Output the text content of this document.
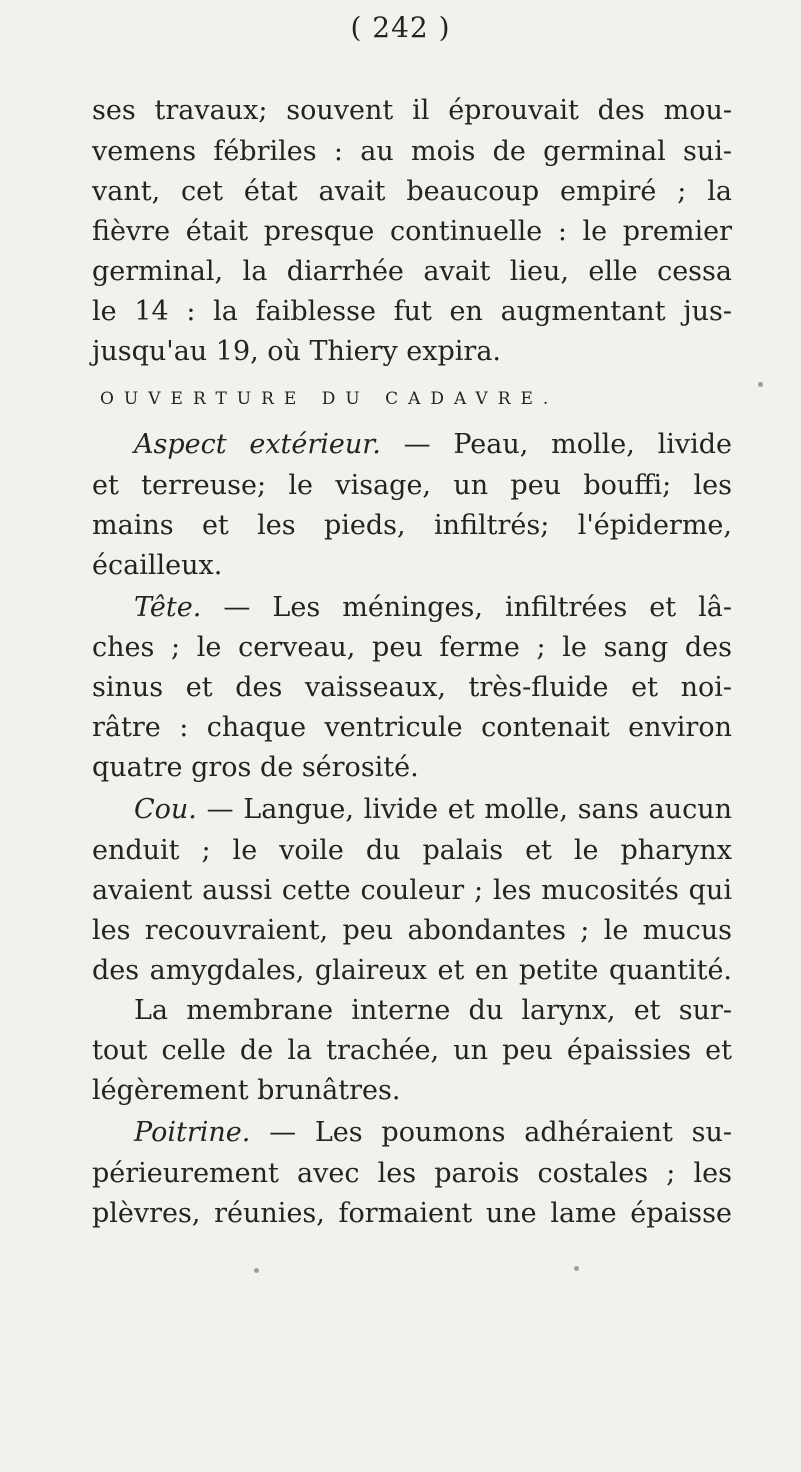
( 242 )
ses travaux; souvent il éprouvait des mou-
vemens fébriles : au mois de germinal sui-
vant, cet état avait beaucoup empiré ; la
fièvre était presque continuelle : le premier
germinal, la diarrhée avait lieu, elle cessa
le 14 : la faiblesse fut en augmentant jus-
jusqu'au 19, où Thiery expira.
OUVERTURE DU CADAVRE.
Aspect extérieur. — Peau, molle, livide
et terreuse; le visage, un peu bouffi; les
mains et les pieds, infiltrés; l'épiderme,
écailleux.
Tête. — Les méninges, infiltrées et lâ-
ches ; le cerveau, peu ferme ; le sang des
sinus et des vaisseaux, très-fluide et noi-
râtre : chaque ventricule contenait environ
quatre gros de sérosité.
Cou. — Langue, livide et molle, sans aucun
enduit ; le voile du palais et le pharynx
avaient aussi cette couleur ; les mucosités qui
les recouvraient, peu abondantes ; le mucus
des amygdales, glaireux et en petite quantité.
La membrane interne du larynx, et sur-
tout celle de la trachée, un peu épaissies et
légèrement brunâtres.
Poitrine. — Les poumons adhéraient su-
périeurement avec les parois costales ; les
plèvres, réunies, formaient une lame épaisse
